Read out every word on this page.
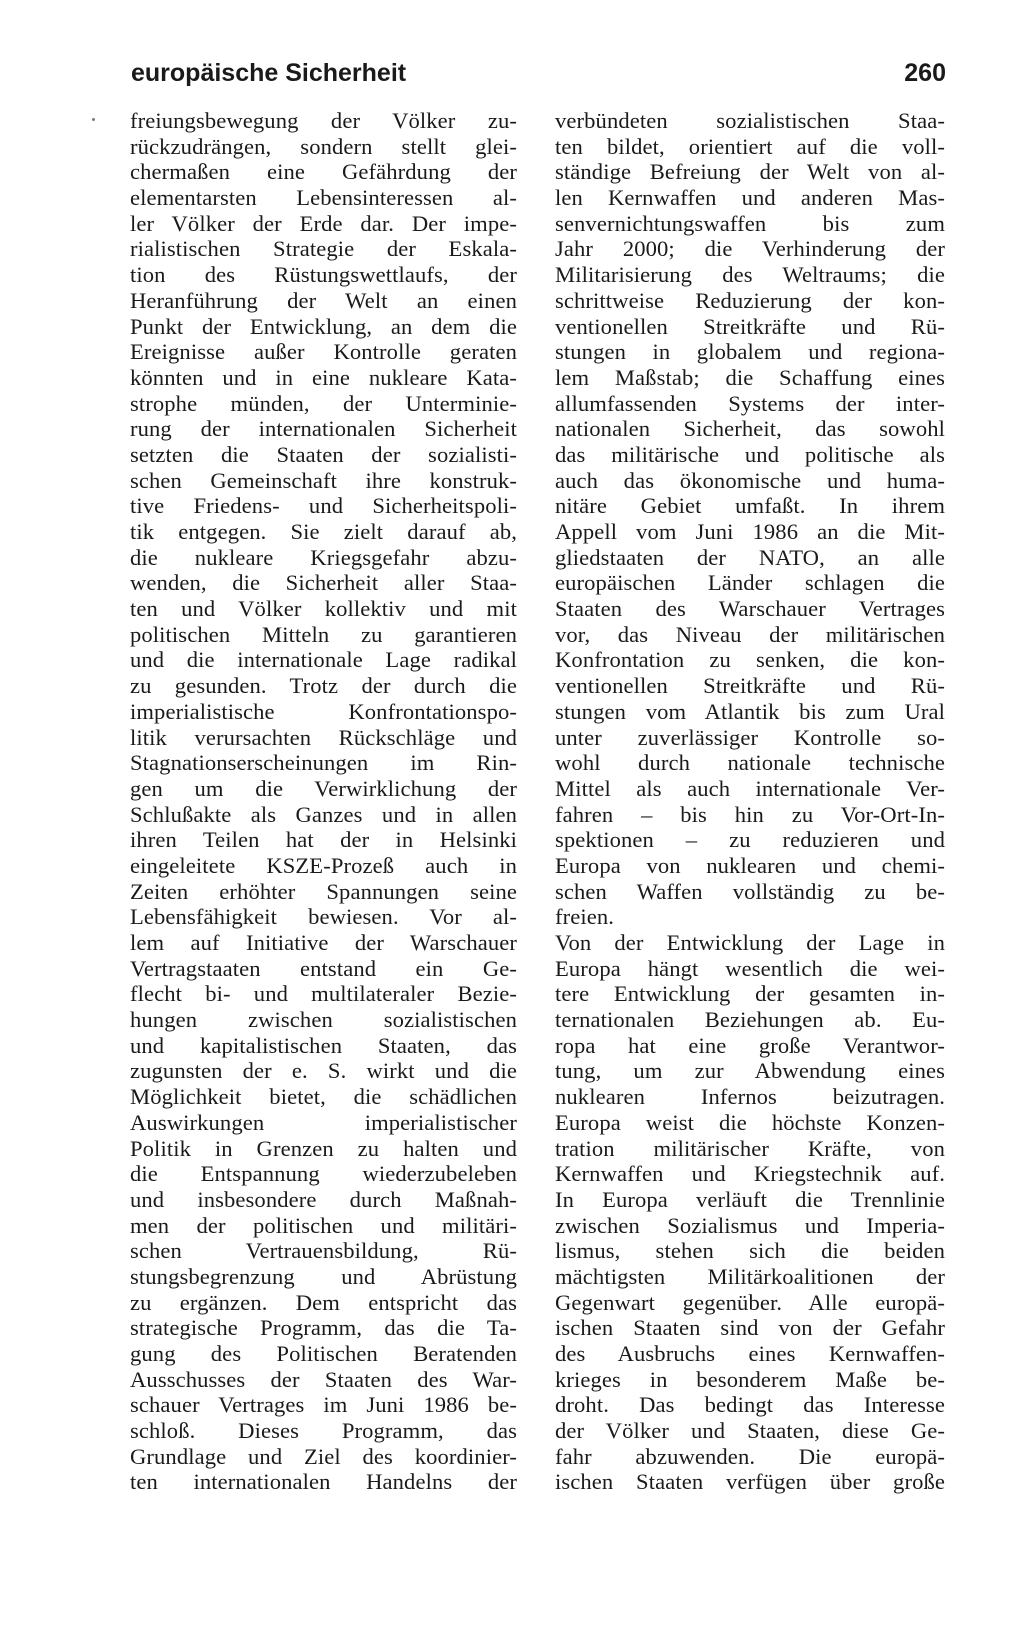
europäische Sicherheit	260
freiungsbewegung der Völker zu-
rückzudrängen, sondern stellt glei-
chermaßen eine Gefährdung der
elementarsten Lebensinteressen al-
ler Völker der Erde dar. Der impe-
rialistischen Strategie der Eskala-
tion des Rüstungswettlaufs, der
Heranführung der Welt an einen
Punkt der Entwicklung, an dem die
Ereignisse außer Kontrolle geraten
könnten und in eine nukleare Kata-
strophe münden, der Unterminie-
rung der internationalen Sicherheit
setzten die Staaten der sozialisti-
schen Gemeinschaft ihre konstruk-
tive Friedens- und Sicherheitspoli-
tik entgegen. Sie zielt darauf ab,
die nukleare Kriegsgefahr abzu-
wenden, die Sicherheit aller Staa-
ten und Völker kollektiv und mit
politischen Mitteln zu garantieren
und die internationale Lage radikal
zu gesunden. Trotz der durch die
imperialistische Konfrontationspo-
litik verursachten Rückschläge und
Stagnationserscheinungen im Rin-
gen um die Verwirklichung der
Schlußakte als Ganzes und in allen
ihren Teilen hat der in Helsinki
eingeleitete KSZE-Prozeß auch in
Zeiten erhöhter Spannungen seine
Lebensfähigkeit bewiesen. Vor al-
lem auf Initiative der Warschauer
Vertragstaaten entstand ein Ge-
flecht bi- und multilateraler Bezie-
hungen zwischen sozialistischen
und kapitalistischen Staaten, das
zugunsten der e. S. wirkt und die
Möglichkeit bietet, die schädlichen
Auswirkungen imperialistischer
Politik in Grenzen zu halten und
die Entspannung wiederzubeleben
und insbesondere durch Maßnah-
men der politischen und militäri-
schen Vertrauensbildung, Rü-
stungsbegrenzung und Abrüstung
zu ergänzen. Dem entspricht das
strategische Programm, das die Ta-
gung des Politischen Beratenden
Ausschusses der Staaten des War-
schauer Vertrages im Juni 1986 be-
schloß. Dieses Programm, das
Grundlage und Ziel des koordinier-
ten internationalen Handelns der
verbündeten sozialistischen Staa-
ten bildet, orientiert auf die voll-
ständige Befreiung der Welt von al-
len Kernwaffen und anderen Mas-
senvernichtungswaffen bis zum
Jahr 2000; die Verhinderung der
Militarisierung des Weltraums; die
schrittweise Reduzierung der kon-
ventionellen Streitkräfte und Rü-
stungen in globalem und regiona-
lem Maßstab; die Schaffung eines
allumfassenden Systems der inter-
nationalen Sicherheit, das sowohl
das militärische und politische als
auch das ökonomische und huma-
nitäre Gebiet umfaßt. In ihrem
Appell vom Juni 1986 an die Mit-
gliedstaaten der NATO, an alle
europäischen Länder schlagen die
Staaten des Warschauer Vertrages
vor, das Niveau der militärischen
Konfrontation zu senken, die kon-
ventionellen Streitkräfte und Rü-
stungen vom Atlantik bis zum Ural
unter zuverlässiger Kontrolle so-
wohl durch nationale technische
Mittel als auch internationale Ver-
fahren – bis hin zu Vor-Ort-In-
spektionen – zu reduzieren und
Europa von nuklearen und chemi-
schen Waffen vollständig zu be-
freien.
Von der Entwicklung der Lage in
Europa hängt wesentlich die wei-
tere Entwicklung der gesamten in-
ternationalen Beziehungen ab. Eu-
ropa hat eine große Verantwor-
tung, um zur Abwendung eines
nuklearen Infernos beizutragen.
Europa weist die höchste Konzen-
tration militärischer Kräfte, von
Kernwaffen und Kriegstechnik auf.
In Europa verläuft die Trennlinie
zwischen Sozialismus und Imperia-
lismus, stehen sich die beiden
mächtigsten Militärkoalitionen der
Gegenwart gegenüber. Alle europä-
ischen Staaten sind von der Gefahr
des Ausbruchs eines Kernwaffen-
krieges in besonderem Maße be-
droht. Das bedingt das Interesse
der Völker und Staaten, diese Ge-
fahr abzuwenden. Die europä-
ischen Staaten verfügen über große
